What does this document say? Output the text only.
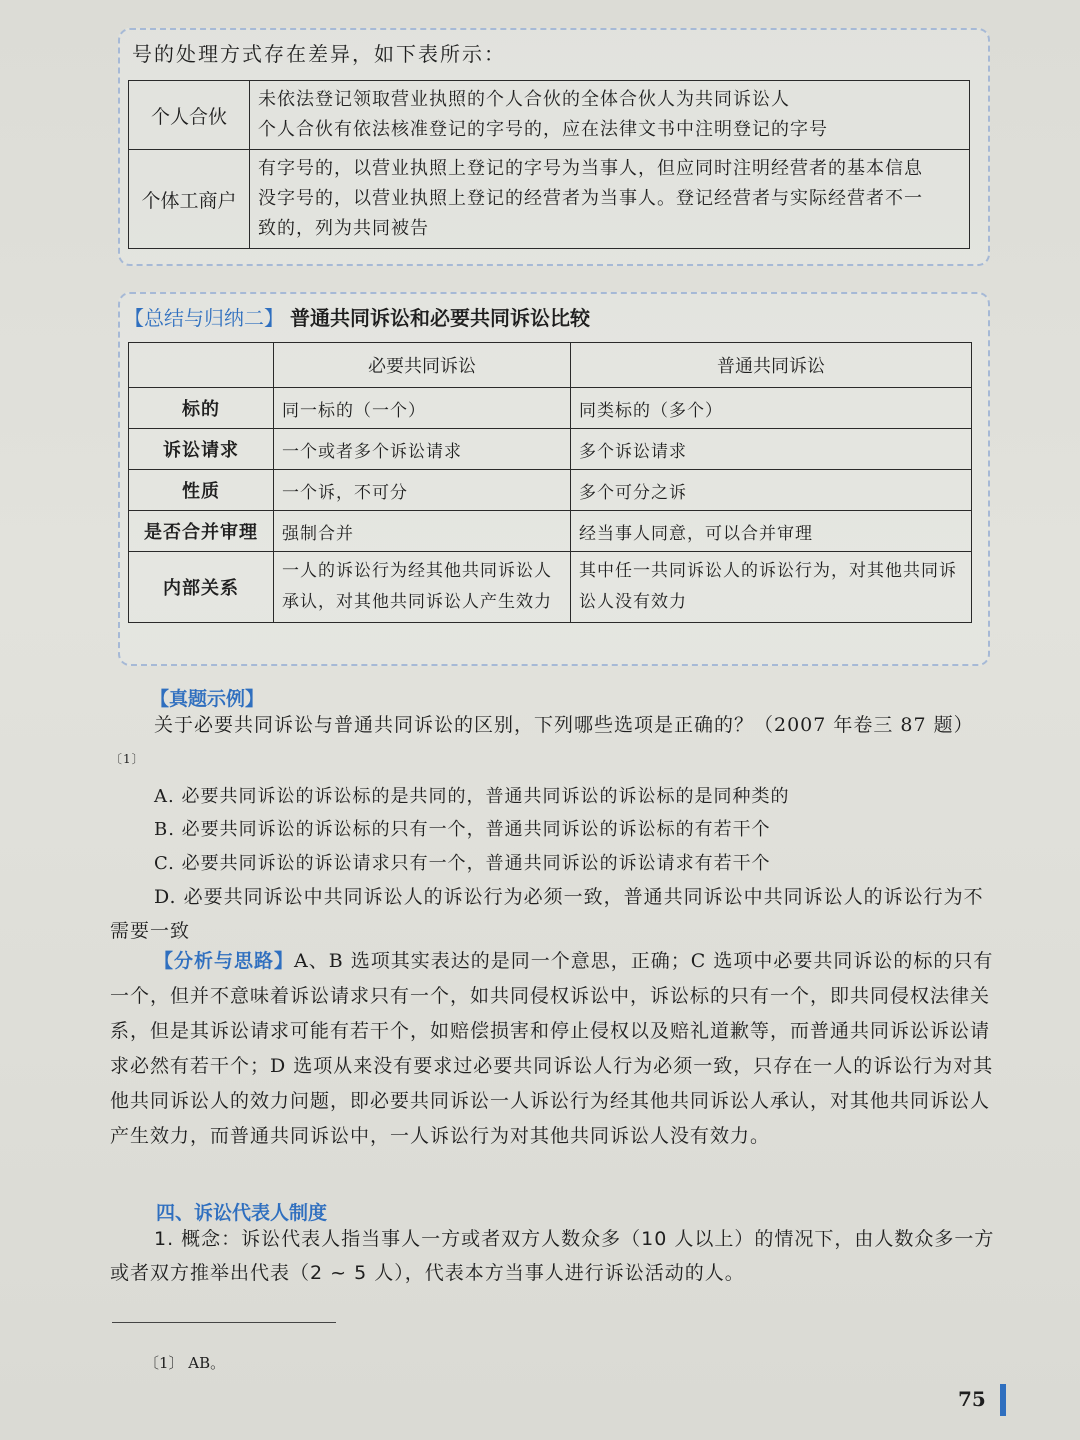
号的处理方式存在差异，如下表所示：
个人合伙	未依法登记领取营业执照的个人合伙的全体合伙人为共同诉讼人
个人合伙有依法核准登记的字号的，应在法律文书中注明登记的字号

个体工商户	有字号的，以营业执照上登记的字号为当事人，但应同时注明经营者的基本信息
没字号的，以营业执照上登记的经营者为当事人。登记经营者与实际经营者不一
致的，列为共同被告
【总结与归纳二】 普通共同诉讼和必要共同诉讼比较
	必要共同诉讼	普通共同诉讼
标的	同一标的（一个）	同类标的（多个）
诉讼请求	一个或者多个诉讼请求	多个诉讼请求
性质	一个诉，不可分	多个可分之诉
是否合并审理	强制合并	经当事人同意，可以合并审理
内部关系	一人的诉讼行为经其他共同诉讼人承认，对其他共同诉讼人产生效力	其中任一共同诉讼人的诉讼行为，对其他共同诉讼人没有效力
【真题示例】
关于必要共同诉讼与普通共同诉讼的区别，下列哪些选项是正确的？（2007 年卷三 87 题）$^{〔1〕}$
A. 必要共同诉讼的诉讼标的是共同的，普通共同诉讼的诉讼标的是同种类的
B. 必要共同诉讼的诉讼标的只有一个，普通共同诉讼的诉讼标的有若干个
C. 必要共同诉讼的诉讼请求只有一个，普通共同诉讼的诉讼请求有若干个
D. 必要共同诉讼中共同诉讼人的诉讼行为必须一致，普通共同诉讼中共同诉讼人的诉讼行为不需要一致
【分析与思路】A、B 选项其实表达的是同一个意思，正确；C 选项中必要共同诉讼的标的只有一个，但并不意味着诉讼请求只有一个，如共同侵权诉讼中，诉讼标的只有一个，即共同侵权法律关系，但是其诉讼请求可能有若干个，如赔偿损害和停止侵权以及赔礼道歉等，而普通共同诉讼诉讼请求必然有若干个；D 选项从来没有要求过必要共同诉讼人行为必须一致，只存在一人的诉讼行为对其他共同诉讼人的效力问题，即必要共同诉讼一人诉讼行为经其他共同诉讼人承认，对其他共同诉讼人产生效力，而普通共同诉讼中，一人诉讼行为对其他共同诉讼人没有效力。
四、诉讼代表人制度
1. 概念：诉讼代表人指当事人一方或者双方人数众多（10 人以上）的情况下，由人数众多一方或者双方推举出代表（2 ~ 5 人），代表本方当事人进行诉讼活动的人。
〔1〕 AB。
75
